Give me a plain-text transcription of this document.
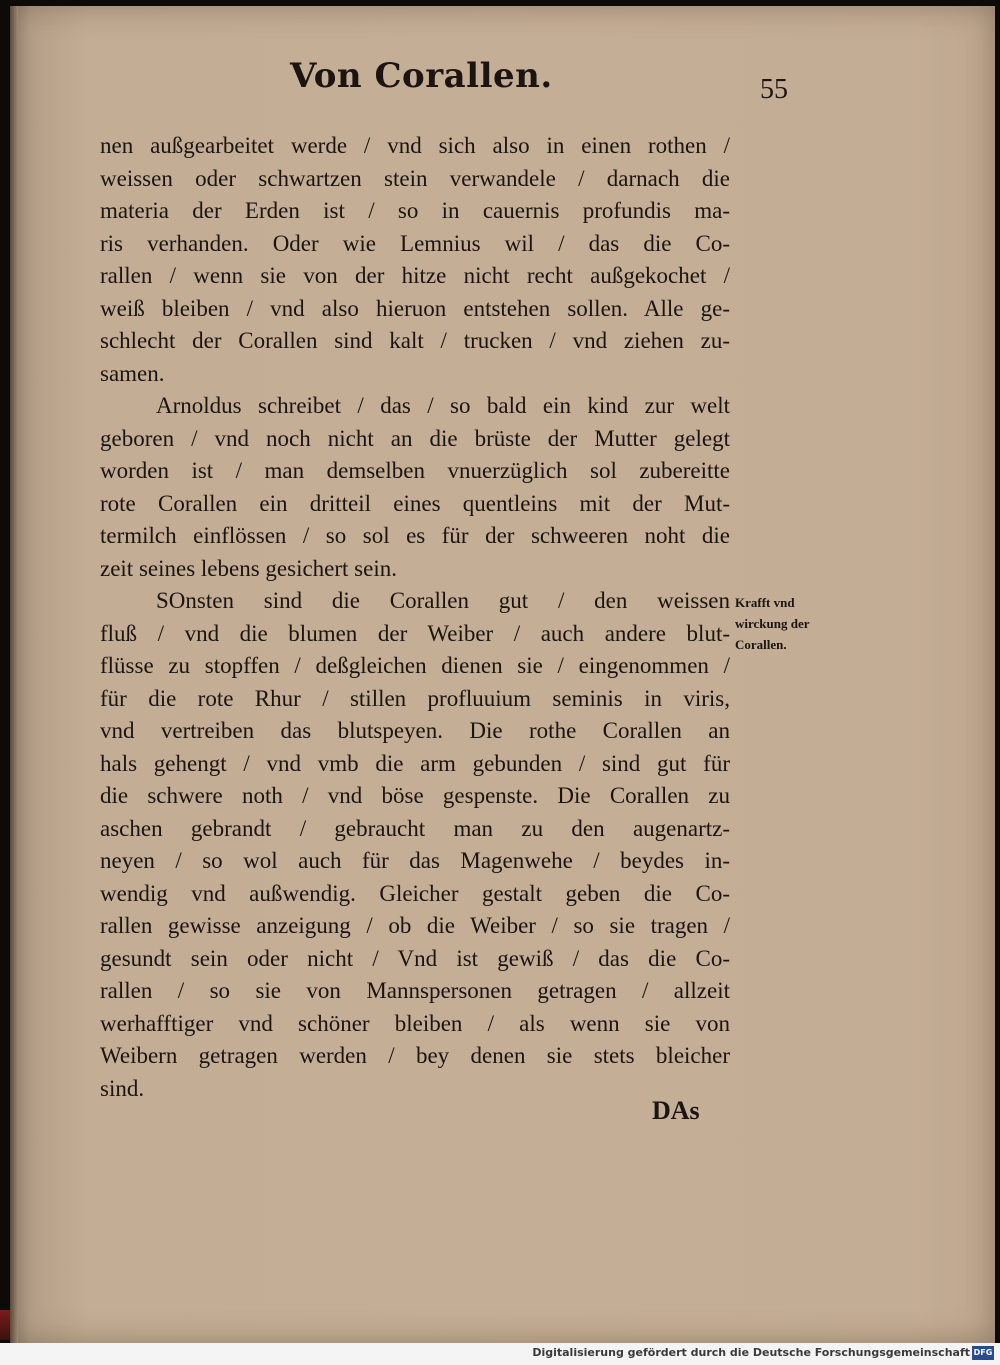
Von Corallen.	55
nen außgearbeitet werde / vnd sich also in einen rothen /
weissen oder schwartzen stein verwandele / darnach die
materia der Erden ist / so in cauernis profundis ma-
ris verhanden. Oder wie Lemnius wil / das die Co-
rallen / wenn sie von der hitze nicht recht außgekochet /
weiß bleiben / vnd also hieruon entstehen sollen. Alle ge-
schlecht der Corallen sind kalt / trucken / vnd ziehen zu-
samen.
Arnoldus schreibet / das / so bald ein kind zur welt
geboren / vnd noch nicht an die brüste der Mutter gelegt
worden ist / man demselben vnuerzüglich sol zubereitte
rote Corallen ein dritteil eines quentleins mit der Mut-
termilch einflössen / so sol es für der schweeren noht die
zeit seines lebens gesichert sein.
SOnsten sind die Corallen gut / den weissen
fluß / vnd die blumen der Weiber / auch andere blut-
flüsse zu stopffen / deßgleichen dienen sie / eingenommen /
für die rote Rhur / stillen profluuium seminis in viris,
vnd vertreiben das blutspeyen. Die rothe Corallen an
hals gehengt / vnd vmb die arm gebunden / sind gut für
die schwere noth / vnd böse gespenste. Die Corallen zu
aschen gebrandt / gebraucht man zu den augenartz-
neyen / so wol auch für das Magenwehe / beydes in-
wendig vnd außwendig. Gleicher gestalt geben die Co-
rallen gewisse anzeigung / ob die Weiber / so sie tragen /
gesundt sein oder nicht / Vnd ist gewiß / das die Co-
rallen / so sie von Mannspersonen getragen / allzeit
werhafftiger vnd schöner bleiben / als wenn sie von
Weibern getragen werden / bey denen sie stets bleicher
sind.
Krafft vnd
wirckung der
Corallen.
DAs
Digitalisierung gefördert durch die Deutsche Forschungsgemeinschaft DFG
